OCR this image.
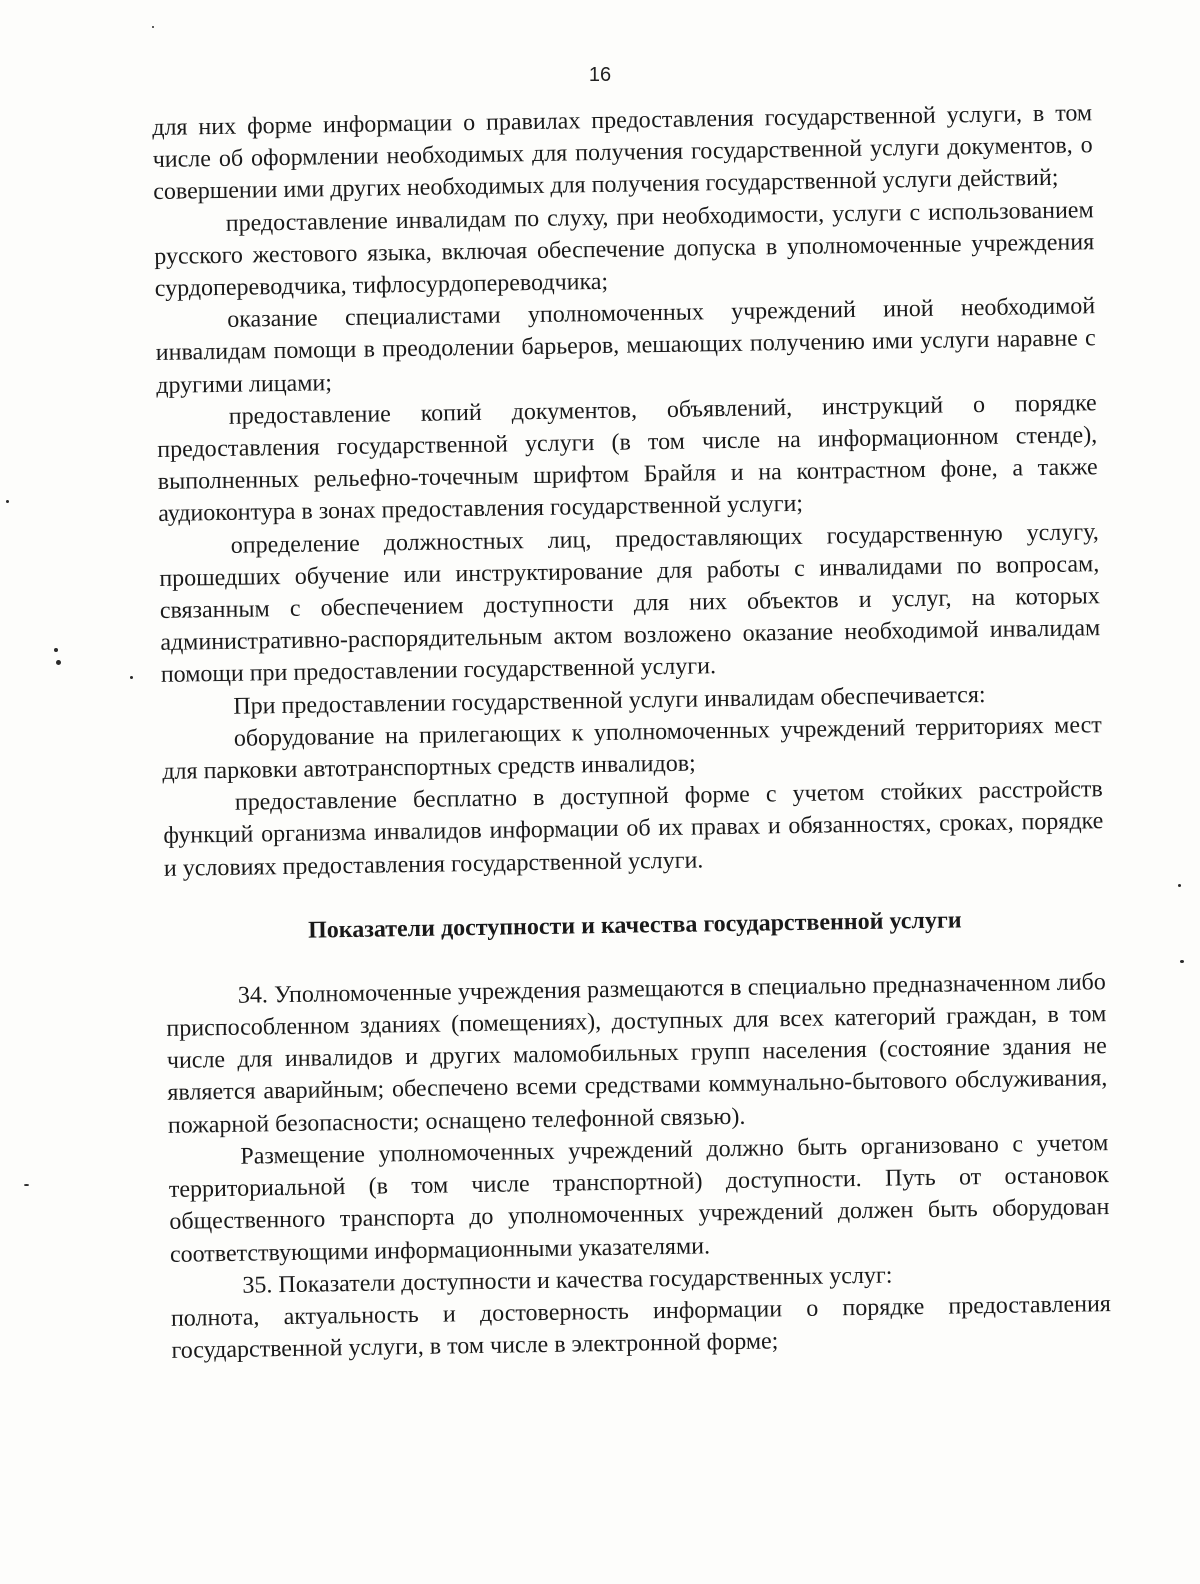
16

для них форме информации о правилах предоставления государственной услуги, в том числе об оформлении необходимых для получения государственной услуги документов, о совершении ими других необходимых для получения государственной услуги действий;

предоставление инвалидам по слуху, при необходимости, услуги с использованием русского жестового языка, включая обеспечение допуска в уполномоченные учреждения сурдопереводчика, тифлосурдопереводчика;

оказание специалистами уполномоченных учреждений иной необходимой инвалидам помощи в преодолении барьеров, мешающих получению ими услуги наравне с другими лицами;

предоставление копий документов, объявлений, инструкций о порядке предоставления государственной услуги (в том числе на информационном стенде), выполненных рельефно-точечным шрифтом Брайля и на контрастном фоне, а также аудиоконтура в зонах предоставления государственной услуги;

определение должностных лиц, предоставляющих государственную услугу, прошедших обучение или инструктирование для работы с инвалидами по вопросам, связанным с обеспечением доступности для них объектов и услуг, на которых административно-распорядительным актом возложено оказание необходимой инвалидам помощи при предоставлении государственной услуги.

При предоставлении государственной услуги инвалидам обеспечивается:

оборудование на прилегающих к уполномоченных учреждений территориях мест для парковки автотранспортных средств инвалидов;

предоставление бесплатно в доступной форме с учетом стойких расстройств функций организма инвалидов информации об их правах и обязанностях, сроках, порядке и условиях предоставления государственной услуги.

Показатели доступности и качества государственной услуги

34. Уполномоченные учреждения размещаются в специально предназначенном либо приспособленном зданиях (помещениях), доступных для всех категорий граждан, в том числе для инвалидов и других маломобильных групп населения (состояние здания не является аварийным; обеспечено всеми средствами коммунально-бытового обслуживания, пожарной безопасности; оснащено телефонной связью).

Размещение уполномоченных учреждений должно быть организовано с учетом территориальной (в том числе транспортной) доступности. Путь от остановок общественного транспорта до уполномоченных учреждений должен быть оборудован соответствующими информационными указателями.

35. Показатели доступности и качества государственных услуг:

полнота, актуальность и достоверность информации о порядке предоставления государственной услуги, в том числе в электронной форме;
